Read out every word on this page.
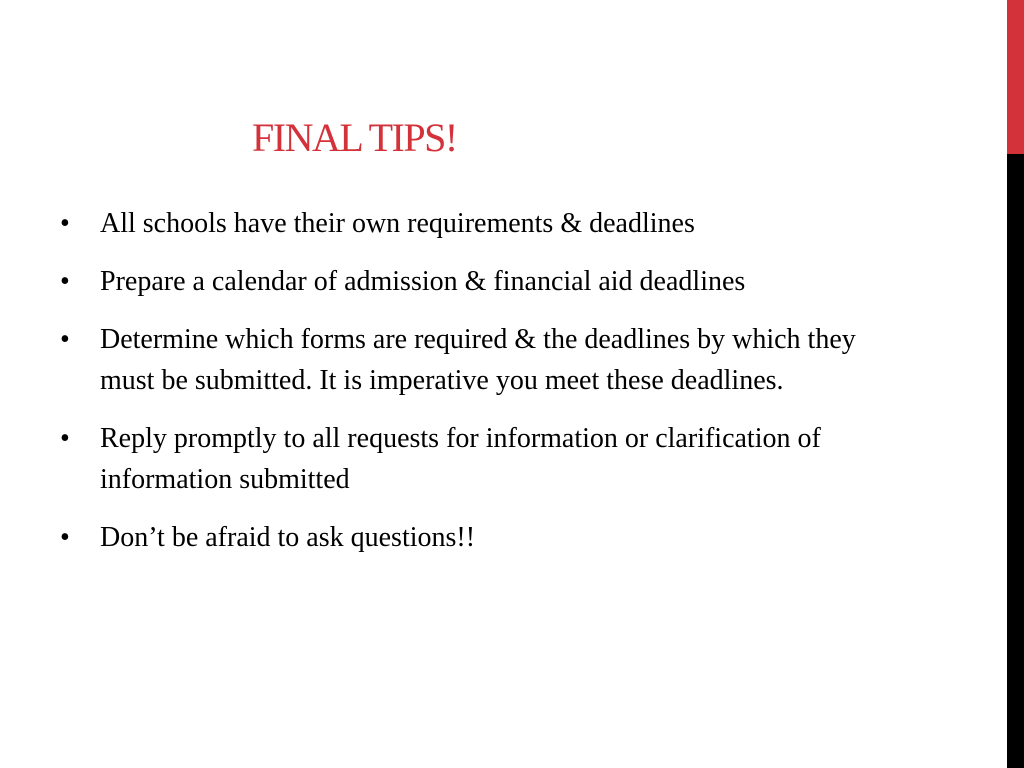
FINAL TIPS!
•	All schools have their own requirements & deadlines
•	Prepare a calendar of admission & financial aid deadlines
•	Determine which forms are required & the deadlines by which they must be submitted. It is imperative you meet these deadlines.
•	Reply promptly to all requests for information or clarification of information submitted
•	Don’t be afraid to ask questions!!
